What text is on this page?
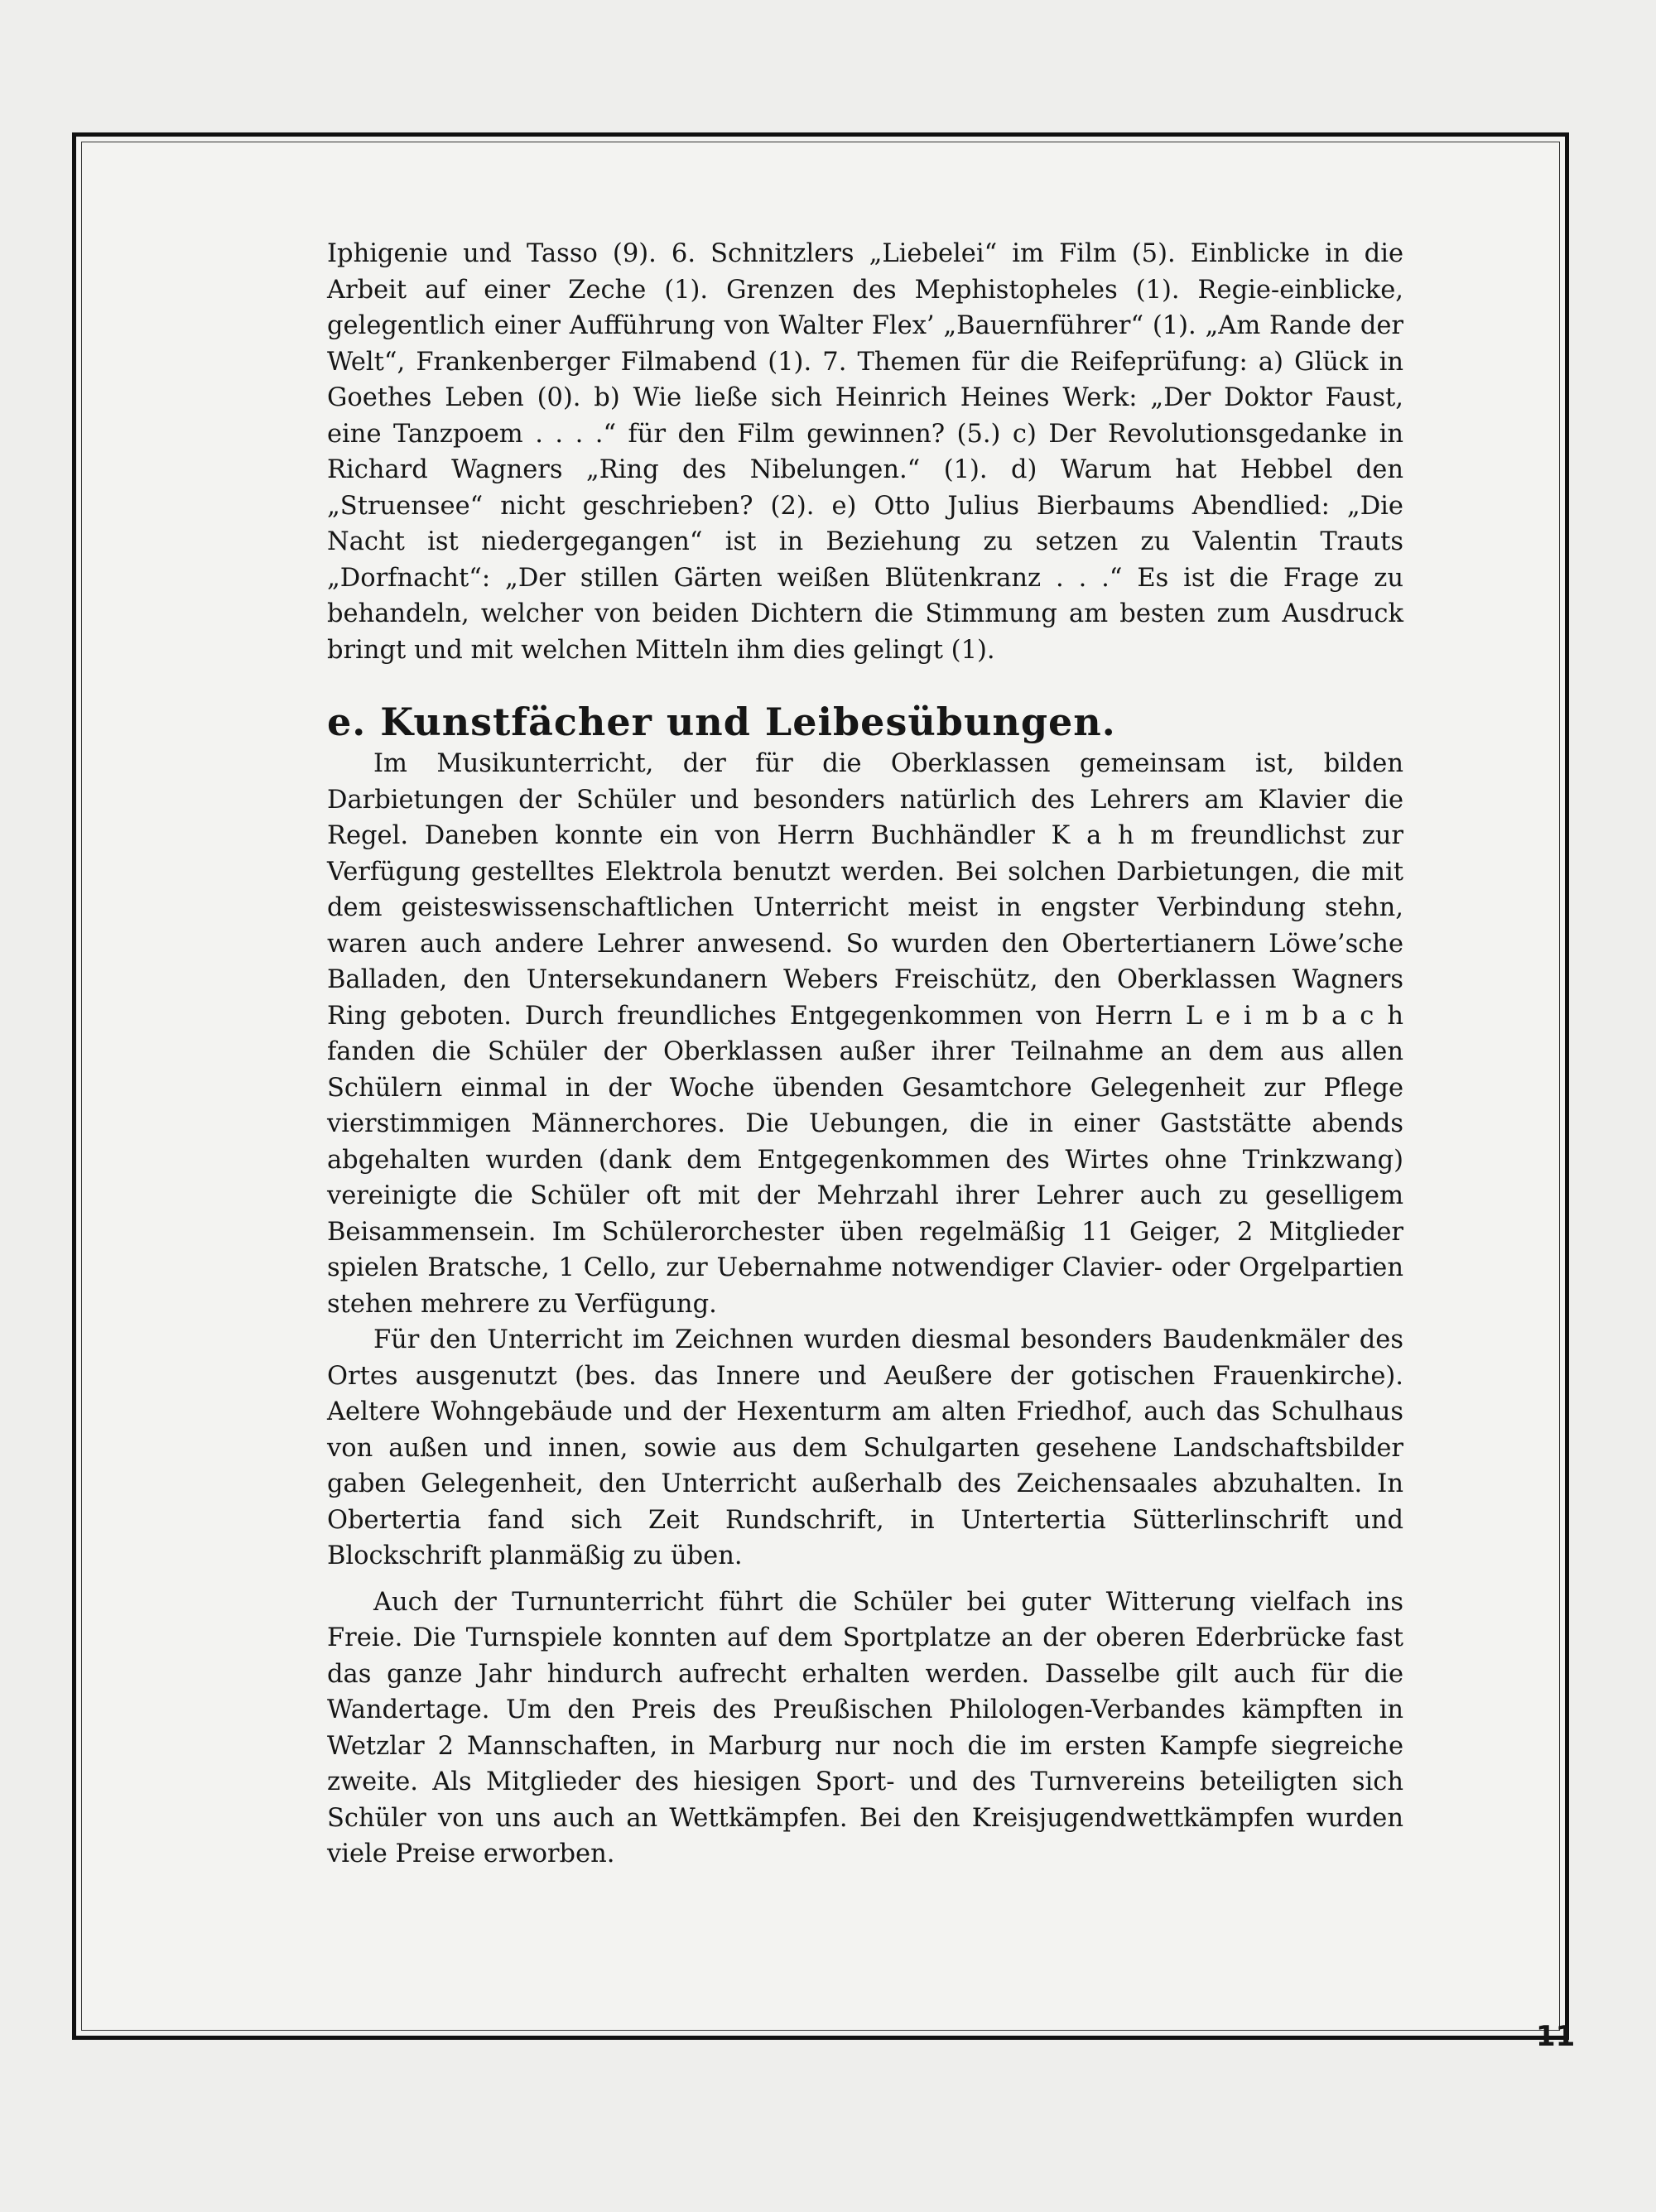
Iphigenie und Tasso (9). 6. Schnitzlers „Liebelei“ im Film (5). Einblicke in die Arbeit auf einer Zeche (1). Grenzen des Mephistopheles (1). Regie-einblicke, gelegentlich einer Aufführung von Walter Flex’ „Bauernführer“ (1). „Am Rande der Welt“, Frankenberger Filmabend (1). 7. Themen für die Reifeprüfung: a) Glück in Goethes Leben (0). b) Wie ließe sich Heinrich Heines Werk: „Der Doktor Faust, eine Tanzpoem . . . .“ für den Film gewinnen? (5.) c) Der Revolutionsgedanke in Richard Wagners „Ring des Nibelungen.“ (1). d) Warum hat Hebbel den „Struensee“ nicht geschrieben? (2). e) Otto Julius Bierbaums Abendlied: „Die Nacht ist niedergegangen“ ist in Beziehung zu setzen zu Valentin Trauts „Dorfnacht“: „Der stillen Gärten weißen Blütenkranz . . .“ Es ist die Frage zu behandeln, welcher von beiden Dichtern die Stimmung am besten zum Ausdruck bringt und mit welchen Mitteln ihm dies gelingt (1).

e. Kunstfächer und Leibesübungen.

Im Musikunterricht, der für die Oberklassen gemeinsam ist, bilden Darbietungen der Schüler und besonders natürlich des Lehrers am Klavier die Regel. Daneben konnte ein von Herrn Buchhändler K a h m freundlichst zur Verfügung gestelltes Elektrola benutzt werden. Bei solchen Darbietungen, die mit dem geisteswissenschaftlichen Unterricht meist in engster Verbindung stehn, waren auch andere Lehrer anwesend. So wurden den Obertertianern Löwe’sche Balladen, den Untersekundanern Webers Freischütz, den Oberklassen Wagners Ring geboten. Durch freundliches Entgegenkommen von Herrn L e i m b a c h fanden die Schüler der Oberklassen außer ihrer Teilnahme an dem aus allen Schülern einmal in der Woche übenden Gesamtchore Gelegenheit zur Pflege vierstimmigen Männerchores. Die Uebungen, die in einer Gaststätte abends abgehalten wurden (dank dem Entgegenkommen des Wirtes ohne Trinkzwang) vereinigte die Schüler oft mit der Mehrzahl ihrer Lehrer auch zu geselligem Beisammensein. Im Schülerorchester üben regelmäßig 11 Geiger, 2 Mitglieder spielen Bratsche, 1 Cello, zur Uebernahme notwendiger Clavier- oder Orgelpartien stehen mehrere zu Verfügung.

Für den Unterricht im Zeichnen wurden diesmal besonders Baudenkmäler des Ortes ausgenutzt (bes. das Innere und Aeußere der gotischen Frauenkirche). Aeltere Wohngebäude und der Hexenturm am alten Friedhof, auch das Schulhaus von außen und innen, sowie aus dem Schulgarten gesehene Landschaftsbilder gaben Gelegenheit, den Unterricht außerhalb des Zeichensaales abzuhalten. In Obertertia fand sich Zeit Rundschrift, in Untertertia Sütterlinschrift und Blockschrift planmäßig zu üben.

Auch der Turnunterricht führt die Schüler bei guter Witterung vielfach ins Freie. Die Turnspiele konnten auf dem Sportplatze an der oberen Ederbrücke fast das ganze Jahr hindurch aufrecht erhalten werden. Dasselbe gilt auch für die Wandertage. Um den Preis des Preußischen Philologen-Verbandes kämpften in Wetzlar 2 Mannschaften, in Marburg nur noch die im ersten Kampfe siegreiche zweite. Als Mitglieder des hiesigen Sport- und des Turnvereins beteiligten sich Schüler von uns auch an Wettkämpfen. Bei den Kreisjugendwettkämpfen wurden viele Preise erworben.

11
